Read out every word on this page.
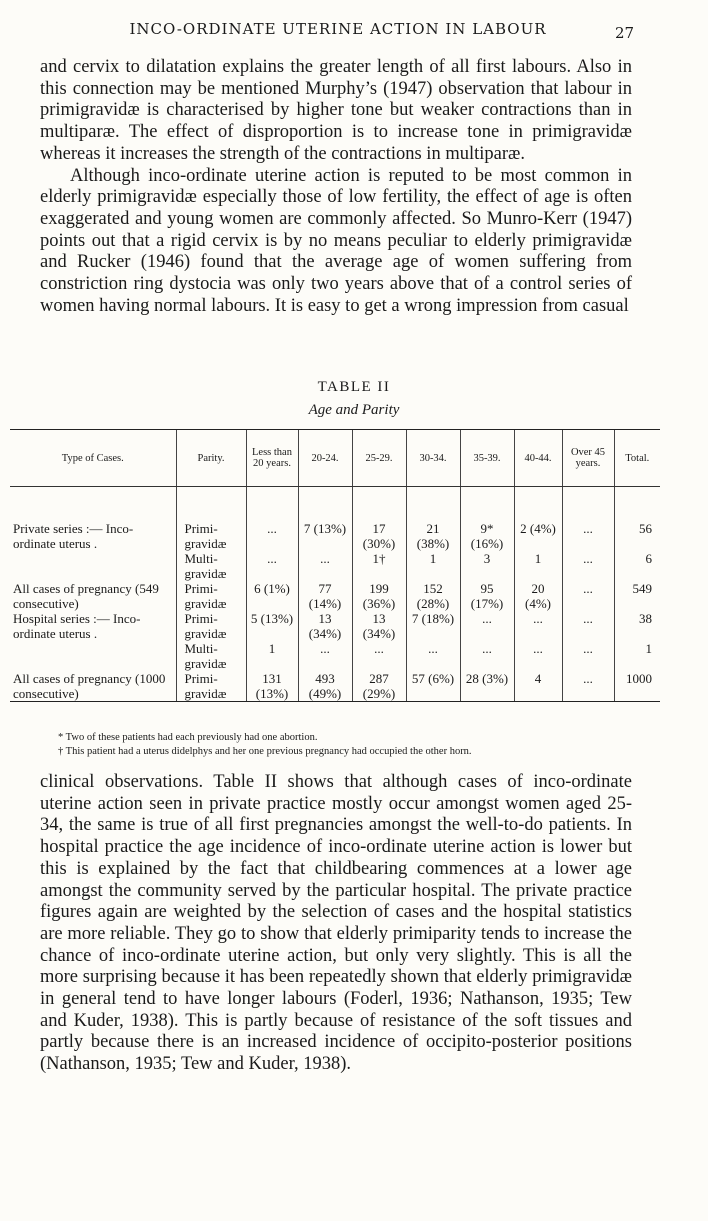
INCO-ORDINATE UTERINE ACTION IN LABOUR	27

and cervix to dilatation explains the greater length of all first labours. Also in this connection may be mentioned Murphy’s (1947) observation that labour in primigravidæ is characterised by higher tone but weaker contractions than in multiparæ. The effect of disproportion is to increase tone in primigravidæ whereas it increases the strength of the contractions in multiparæ.

Although inco-ordinate uterine action is reputed to be most common in elderly primigravidæ especially those of low fertility, the effect of age is often exaggerated and young women are commonly affected. So Munro-Kerr (1947) points out that a rigid cervix is by no means peculiar to elderly primigravidæ and Rucker (1946) found that the average age of women suffering from constriction ring dystocia was only two years above that of a control series of women having normal labours. It is easy to get a wrong impression from casual

TABLE II
Age and Parity
Type of Cases.	Parity.	Less than 20 years.	20-24.	25-29.	30-34.	35-39.	40-44.	Over 45 years.	Total.
Private series :— Inco-ordinate uterus .	Primi- gravidæ	...	7 (13%)	17 (30%)	21 (38%)	9* (16%)	2 (4%)	...	56
	Multi- gravidæ	...	...	1†	1	3	1	...	6
All cases of pregnancy (549 consecutive)	Primi- gravidæ	6 (1%)	77 (14%)	199 (36%)	152 (28%)	95 (17%)	20 (4%)	...	549
Hospital series :— Inco-ordinate uterus .	Primi- gravidæ	5 (13%)	13 (34%)	13 (34%)	7 (18%)	...	...	...	38
	Multi- gravidæ	1	...	...	...	...	...	...	1
All cases of pregnancy (1000 consecutive)	Primi- gravidæ	131 (13%)	493 (49%)	287 (29%)	57 (6%)	28 (3%)	4	...	1000
* Two of these patients had each previously had one abortion.
† This patient had a uterus didelphys and her one previous pregnancy had occupied the other horn.

clinical observations. Table II shows that although cases of inco-ordinate uterine action seen in private practice mostly occur amongst women aged 25-34, the same is true of all first pregnancies amongst the well-to-do patients. In hospital practice the age incidence of inco-ordinate uterine action is lower but this is explained by the fact that childbearing commences at a lower age amongst the community served by the particular hospital. The private practice figures again are weighted by the selection of cases and the hospital statistics are more reliable. They go to show that elderly primiparity tends to increase the chance of inco-ordinate uterine action, but only very slightly. This is all the more surprising because it has been repeatedly shown that elderly primigravidæ in general tend to have longer labours (Foderl, 1936; Nathanson, 1935; Tew and Kuder, 1938). This is partly because of resistance of the soft tissues and partly because there is an increased incidence of occipito-posterior positions (Nathanson, 1935; Tew and Kuder, 1938).
